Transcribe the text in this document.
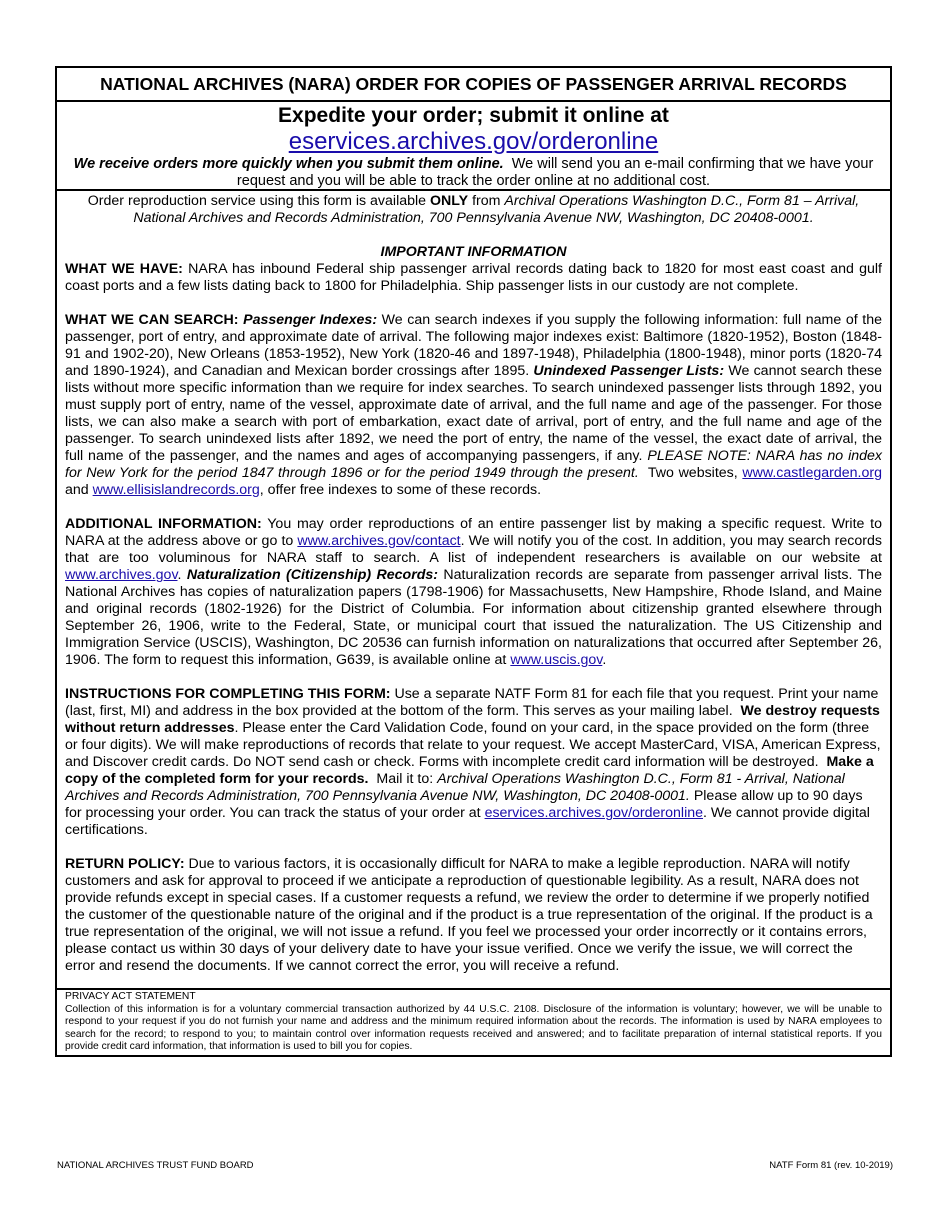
NATIONAL ARCHIVES (NARA) ORDER FOR COPIES OF PASSENGER ARRIVAL RECORDS
Expedite your order; submit it online at
eservices.archives.gov/orderonline
We receive orders more quickly when you submit them online. We will send you an e-mail confirming that we have your request and you will be able to track the order online at no additional cost.
Order reproduction service using this form is available ONLY from Archival Operations Washington D.C., Form 81 – Arrival, National Archives and Records Administration, 700 Pennsylvania Avenue NW, Washington, DC 20408-0001.
IMPORTANT INFORMATION

WHAT WE HAVE: NARA has inbound Federal ship passenger arrival records dating back to 1820 for most east coast and gulf coast ports and a few lists dating back to 1800 for Philadelphia. Ship passenger lists in our custody are not complete.

WHAT WE CAN SEARCH: Passenger Indexes: We can search indexes if you supply the following information: full name of the passenger, port of entry, and approximate date of arrival. The following major indexes exist: Baltimore (1820-1952), Boston (1848-91 and 1902-20), New Orleans (1853-1952), New York (1820-46 and 1897-1948), Philadelphia (1800-1948), minor ports (1820-74 and 1890-1924), and Canadian and Mexican border crossings after 1895. Unindexed Passenger Lists: We cannot search these lists without more specific information than we require for index searches. To search unindexed passenger lists through 1892, you must supply port of entry, name of the vessel, approximate date of arrival, and the full name and age of the passenger. For those lists, we can also make a search with port of embarkation, exact date of arrival, port of entry, and the full name and age of the passenger. To search unindexed lists after 1892, we need the port of entry, the name of the vessel, the exact date of arrival, the full name of the passenger, and the names and ages of accompanying passengers, if any. PLEASE NOTE: NARA has no index for New York for the period 1847 through 1896 or for the period 1949 through the present. Two websites, www.castlegarden.org and www.ellisislandrecords.org, offer free indexes to some of these records.

ADDITIONAL INFORMATION: You may order reproductions of an entire passenger list by making a specific request. Write to NARA at the address above or go to www.archives.gov/contact. We will notify you of the cost. In addition, you may search records that are too voluminous for NARA staff to search. A list of independent researchers is available on our website at www.archives.gov. Naturalization (Citizenship) Records: Naturalization records are separate from passenger arrival lists. The National Archives has copies of naturalization papers (1798-1906) for Massachusetts, New Hampshire, Rhode Island, and Maine and original records (1802-1926) for the District of Columbia. For information about citizenship granted elsewhere through September 26, 1906, write to the Federal, State, or municipal court that issued the naturalization. The US Citizenship and Immigration Service (USCIS), Washington, DC 20536 can furnish information on naturalizations that occurred after September 26, 1906. The form to request this information, G639, is available online at www.uscis.gov.

INSTRUCTIONS FOR COMPLETING THIS FORM: Use a separate NATF Form 81 for each file that you request. Print your name (last, first, MI) and address in the box provided at the bottom of the form. This serves as your mailing label. We destroy requests without return addresses. Please enter the Card Validation Code, found on your card, in the space provided on the form (three or four digits). We will make reproductions of records that relate to your request. We accept MasterCard, VISA, American Express, and Discover credit cards. Do NOT send cash or check. Forms with incomplete credit card information will be destroyed. Make a copy of the completed form for your records. Mail it to: Archival Operations Washington D.C., Form 81 - Arrival, National Archives and Records Administration, 700 Pennsylvania Avenue NW, Washington, DC 20408-0001. Please allow up to 90 days for processing your order. You can track the status of your order at eservices.archives.gov/orderonline. We cannot provide digital certifications.

RETURN POLICY: Due to various factors, it is occasionally difficult for NARA to make a legible reproduction. NARA will notify customers and ask for approval to proceed if we anticipate a reproduction of questionable legibility. As a result, NARA does not provide refunds except in special cases. If a customer requests a refund, we review the order to determine if we properly notified the customer of the questionable nature of the original and if the product is a true representation of the original. If the product is a true representation of the original, we will not issue a refund. If you feel we processed your order incorrectly or it contains errors, please contact us within 30 days of your delivery date to have your issue verified. Once we verify the issue, we will correct the error and resend the documents. If we cannot correct the error, you will receive a refund.

PRIVACY ACT STATEMENT
Collection of this information is for a voluntary commercial transaction authorized by 44 U.S.C. 2108. Disclosure of the information is voluntary; however, we will be unable to respond to your request if you do not furnish your name and address and the minimum required information about the records. The information is used by NARA employees to search for the record; to respond to you; to maintain control over information requests received and answered; and to facilitate preparation of internal statistical reports. If you provide credit card information, that information is used to bill you for copies.
NATIONAL ARCHIVES TRUST FUND BOARD	NATF Form 81 (rev. 10-2019)
